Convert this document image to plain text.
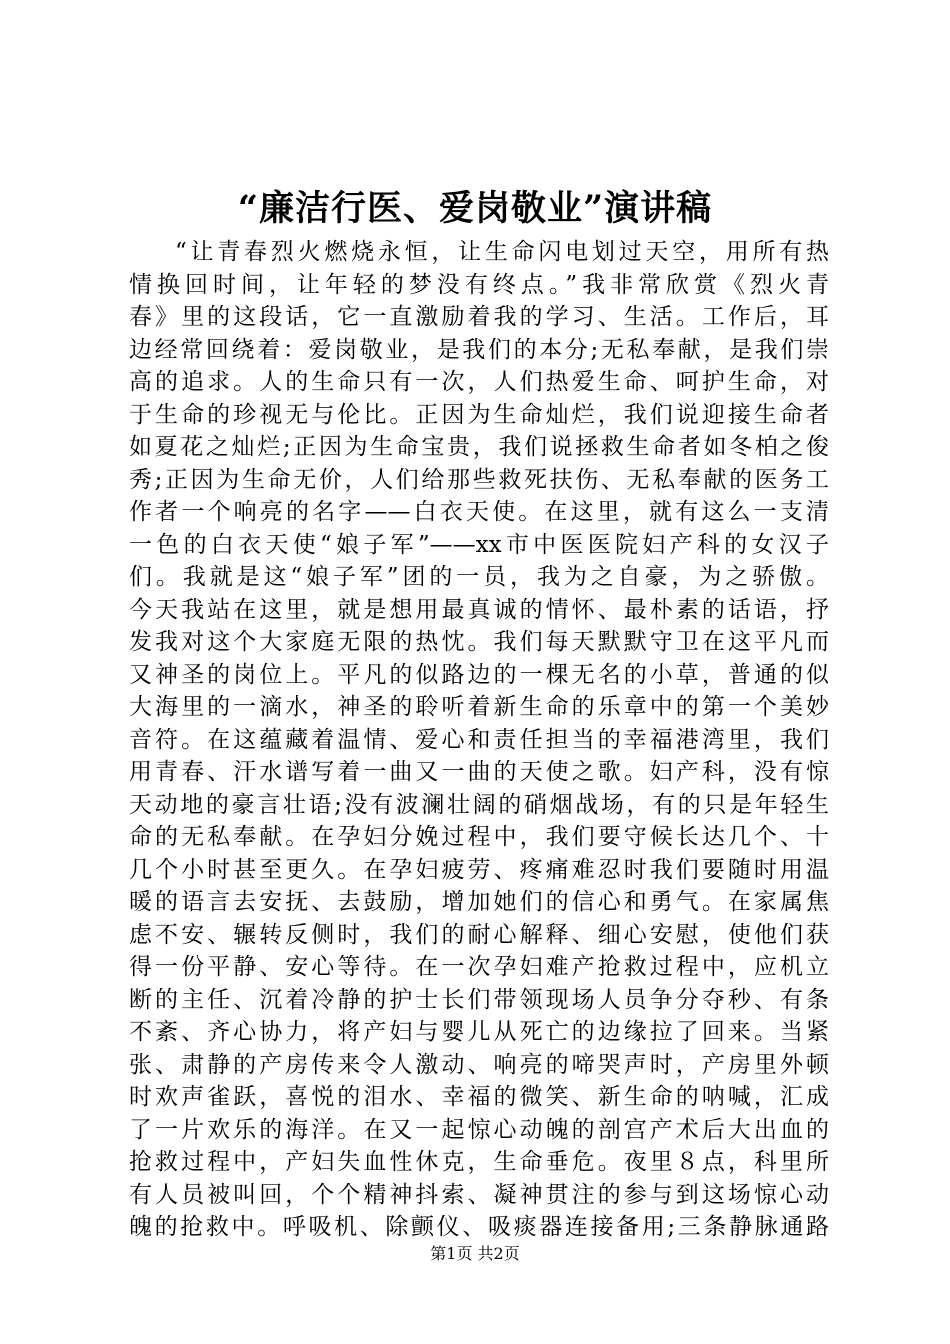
“廉洁行医、爱岗敬业”演讲稿
“让青春烈火燃烧永恒，让生命闪电划过天空，用所有热
情换回时间，让年轻的梦没有终点。”我非常欣赏《烈火青
春》里的这段话，它一直激励着我的学习、生活。工作后，耳
边经常回绕着：爱岗敬业，是我们的本分;无私奉献，是我们崇
高的追求。人的生命只有一次，人们热爱生命、呵护生命，对
于生命的珍视无与伦比。正因为生命灿烂，我们说迎接生命者
如夏花之灿烂;正因为生命宝贵，我们说拯救生命者如冬柏之俊
秀;正因为生命无价，人们给那些救死扶伤、无私奉献的医务工
作者一个响亮的名字——白衣天使。在这里，就有这么一支清
一色的白衣天使“娘子军”——xx市中医医院妇产科的女汉子
们。我就是这“娘子军”团的一员，我为之自豪，为之骄傲。
今天我站在这里，就是想用最真诚的情怀、最朴素的话语，抒
发我对这个大家庭无限的热忱。我们每天默默守卫在这平凡而
又神圣的岗位上。平凡的似路边的一棵无名的小草，普通的似
大海里的一滴水，神圣的聆听着新生命的乐章中的第一个美妙
音符。在这蕴藏着温情、爱心和责任担当的幸福港湾里，我们
用青春、汗水谱写着一曲又一曲的天使之歌。妇产科，没有惊
天动地的豪言壮语;没有波澜壮阔的硝烟战场，有的只是年轻生
命的无私奉献。在孕妇分娩过程中，我们要守候长达几个、十
几个小时甚至更久。在孕妇疲劳、疼痛难忍时我们要随时用温
暖的语言去安抚、去鼓励，增加她们的信心和勇气。在家属焦
虑不安、辗转反侧时，我们的耐心解释、细心安慰，使他们获
得一份平静、安心等待。在一次孕妇难产抢救过程中，应机立
断的主任、沉着冷静的护士长们带领现场人员争分夺秒、有条
不紊、齐心协力，将产妇与婴儿从死亡的边缘拉了回来。当紧
张、肃静的产房传来令人激动、响亮的啼哭声时，产房里外顿
时欢声雀跃，喜悦的泪水、幸福的微笑、新生命的呐喊，汇成
了一片欢乐的海洋。在又一起惊心动魄的剖宫产术后大出血的
抢救过程中，产妇失血性休克，生命垂危。夜里８点，科里所
有人员被叫回，个个精神抖索、凝神贯注的参与到这场惊心动
魄的抢救中。呼吸机、除颤仪、吸痰器连接备用;三条静脉通路
第1页 共2页
